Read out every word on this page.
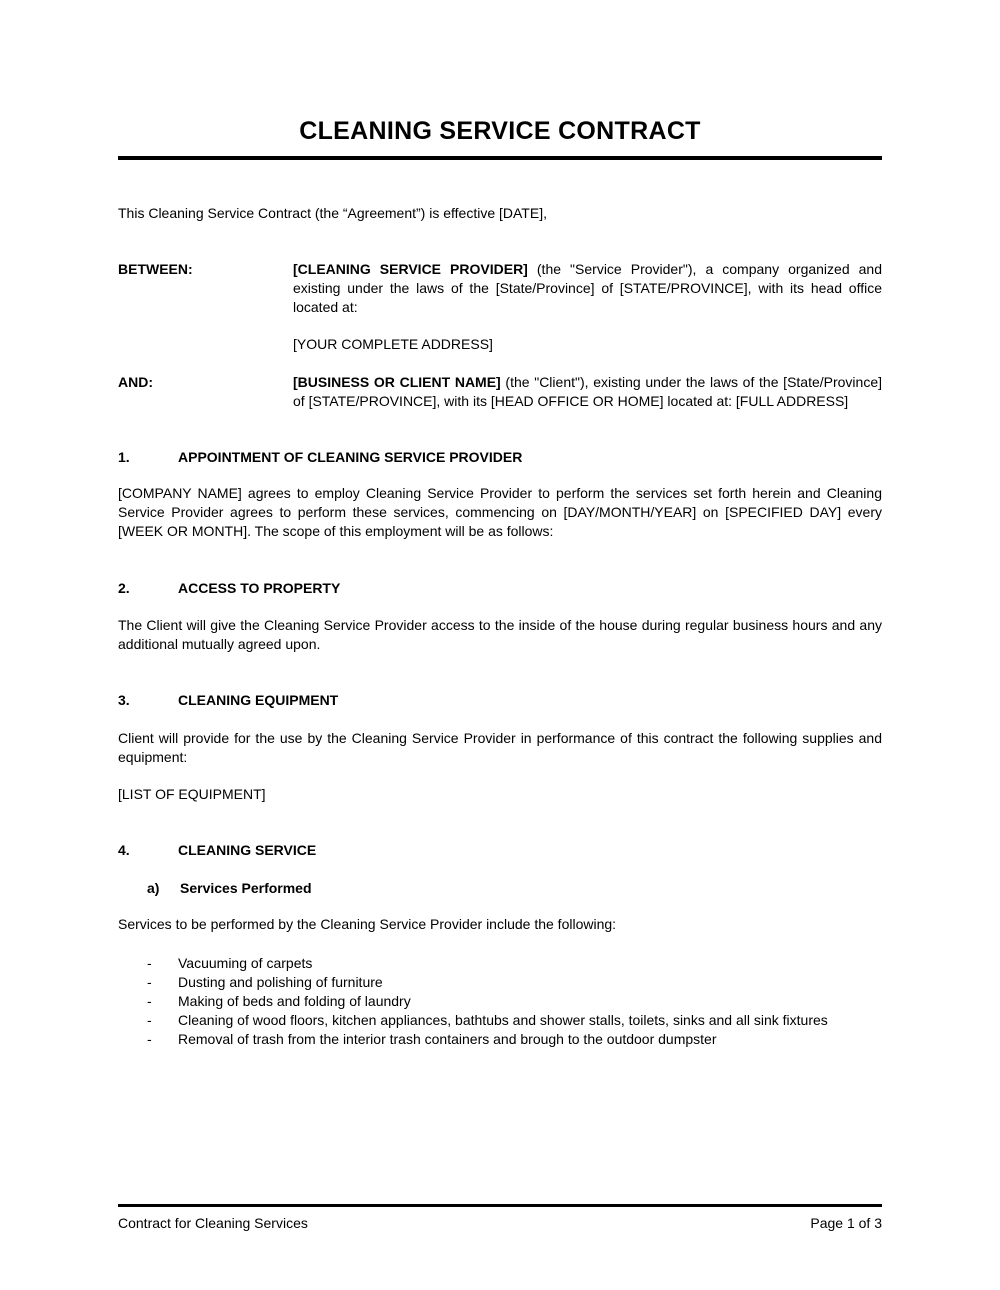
CLEANING SERVICE CONTRACT

This Cleaning Service Contract (the “Agreement”) is effective [DATE],

BETWEEN:	[CLEANING SERVICE PROVIDER] (the "Service Provider"), a company organized and existing under the laws of the [State/Province] of [STATE/PROVINCE], with its head office located at:

[YOUR COMPLETE ADDRESS]

AND:	[BUSINESS OR CLIENT NAME] (the "Client"), existing under the laws of the [State/Province] of [STATE/PROVINCE], with its [HEAD OFFICE OR HOME] located at: [FULL ADDRESS]
1.	APPOINTMENT OF CLEANING SERVICE PROVIDER

[COMPANY NAME] agrees to employ Cleaning Service Provider to perform the services set forth herein and Cleaning Service Provider agrees to perform these services, commencing on [DAY/MONTH/YEAR] on [SPECIFIED DAY] every [WEEK OR MONTH]. The scope of this employment will be as follows:

2.	ACCESS TO PROPERTY

The Client will give the Cleaning Service Provider access to the inside of the house during regular business hours and any additional mutually agreed upon.

3.	CLEANING EQUIPMENT

Client will provide for the use by the Cleaning Service Provider in performance of this contract the following supplies and equipment:

[LIST OF EQUIPMENT]

4.	CLEANING SERVICE
a)	Services Performed

Services to be performed by the Cleaning Service Provider include the following:

-	Vacuuming of carpets
-	Dusting and polishing of furniture
-	Making of beds and folding of laundry
-	Cleaning of wood floors, kitchen appliances, bathtubs and shower stalls, toilets, sinks and all sink fixtures
-	Removal of trash from the interior trash containers and brough to the outdoor dumpster
Contract for Cleaning Services	Page 1 of 3
